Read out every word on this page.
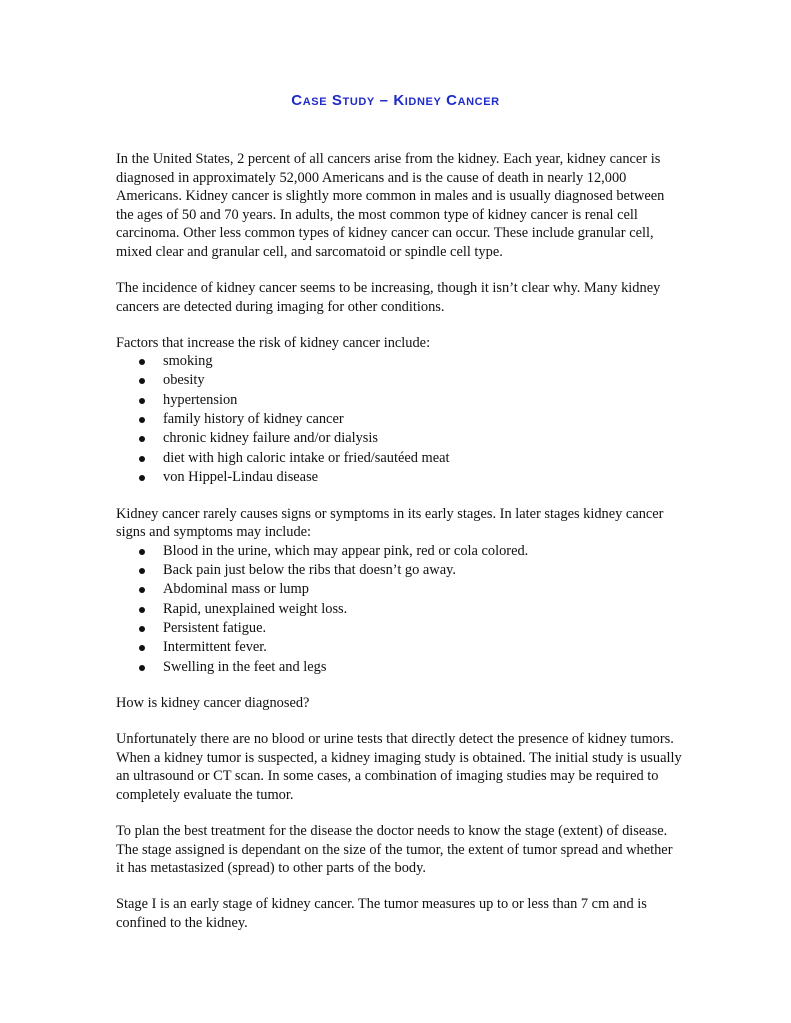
Case Study – Kidney Cancer

In the United States, 2 percent of all cancers arise from the kidney. Each year, kidney cancer is diagnosed in approximately 52,000 Americans and is the cause of death in nearly 12,000 Americans. Kidney cancer is slightly more common in males and is usually diagnosed between the ages of 50 and 70 years. In adults, the most common type of kidney cancer is renal cell carcinoma. Other less common types of kidney cancer can occur. These include granular cell, mixed clear and granular cell, and sarcomatoid or spindle cell type.

The incidence of kidney cancer seems to be increasing, though it isn’t clear why. Many kidney cancers are detected during imaging for other conditions.

Factors that increase the risk of kidney cancer include:

smoking
obesity
hypertension
family history of kidney cancer
chronic kidney failure and/or dialysis
diet with high caloric intake or fried/sautéed meat
von Hippel-Lindau disease

Kidney cancer rarely causes signs or symptoms in its early stages. In later stages kidney cancer signs and symptoms may include:

Blood in the urine, which may appear pink, red or cola colored.
Back pain just below the ribs that doesn’t go away.
Abdominal mass or lump
Rapid, unexplained weight loss.
Persistent fatigue.
Intermittent fever.
Swelling in the feet and legs

How is kidney cancer diagnosed?

Unfortunately there are no blood or urine tests that directly detect the presence of kidney tumors. When a kidney tumor is suspected, a kidney imaging study is obtained. The initial study is usually an ultrasound or CT scan. In some cases, a combination of imaging studies may be required to completely evaluate the tumor.

To plan the best treatment for the disease the doctor needs to know the stage (extent) of disease. The stage assigned is dependant on the size of the tumor, the extent of tumor spread and whether it has metastasized (spread) to other parts of the body.

Stage I is an early stage of kidney cancer. The tumor measures up to or less than 7 cm and is confined to the kidney.
